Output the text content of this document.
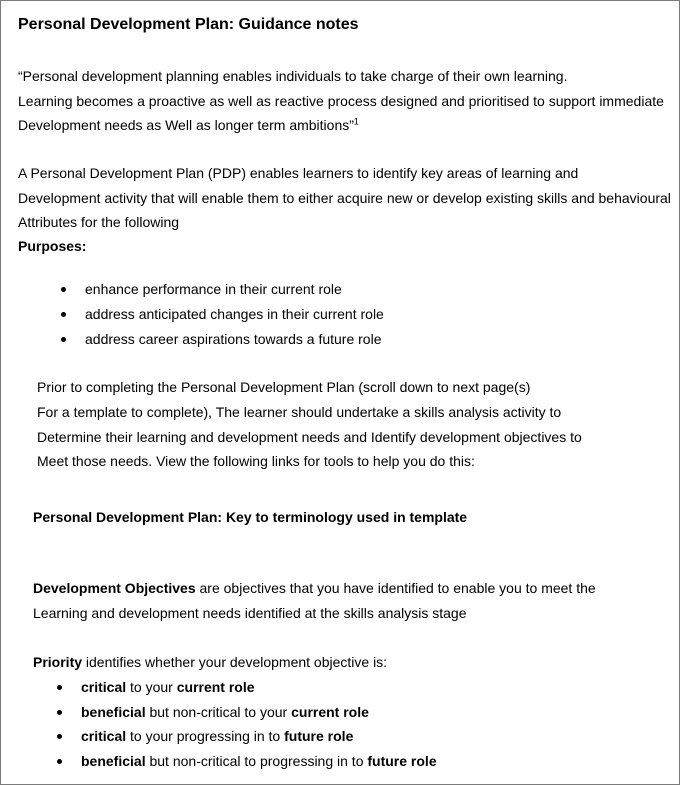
Personal Development Plan: Guidance notes
“Personal development planning enables individuals to take charge of their own learning.
Learning becomes a proactive as well as reactive process designed and prioritised to support immediate
Development needs as Well as longer term ambitions”$^1$
A Personal Development Plan (PDP) enables learners to identify key areas of learning and
Development activity that will enable them to either acquire new or develop existing skills and behavioural
Attributes for the following
Purposes:
enhance performance in their current role
address anticipated changes in their current role
address career aspirations towards a future role
Prior to completing the Personal Development Plan (scroll down to next page(s)
For a template to complete), The learner should undertake a skills analysis activity to
Determine their learning and development needs and Identify development objectives to
Meet those needs. View the following links for tools to help you do this:
Personal Development Plan: Key to terminology used in template
Development Objectives are objectives that you have identified to enable you to meet the
Learning and development needs identified at the skills analysis stage
Priority identifies whether your development objective is:
critical to your current role
beneficial but non-critical to your current role
critical to your progressing in to future role
beneficial but non-critical to progressing in to future role
